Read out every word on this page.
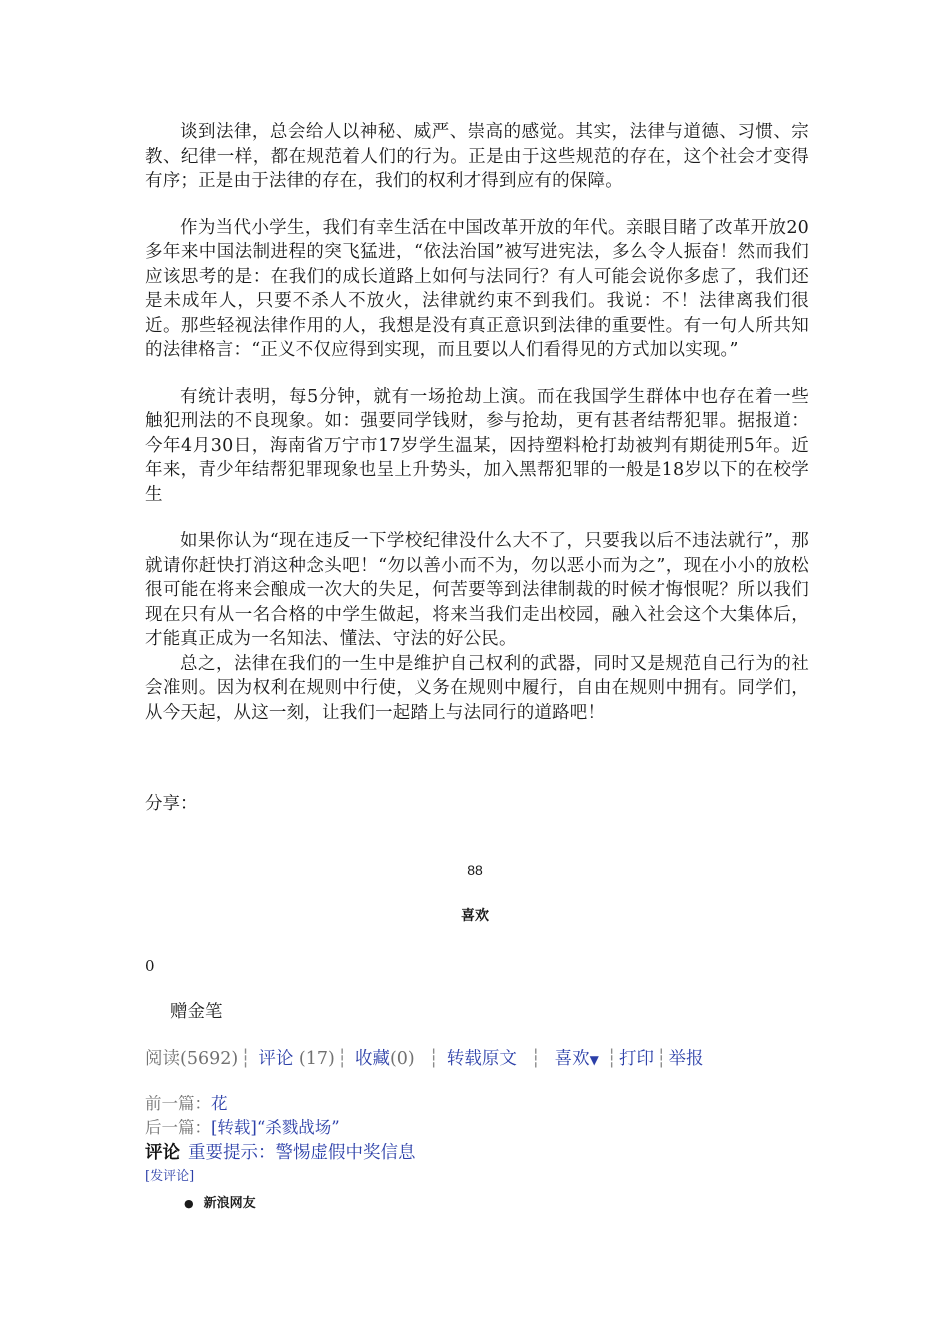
谈到法律，总会给人以神秘、威严、崇高的感觉。其实，法律与道德、习惯、宗教、纪律一样，都在规范着人们的行为。正是由于这些规范的存在，这个社会才变得有序；正是由于法律的存在，我们的权利才得到应有的保障。

作为当代小学生，我们有幸生活在中国改革开放的年代。亲眼目睹了改革开放20多年来中国法制进程的突飞猛进，“依法治国”被写进宪法，多么令人振奋！然而我们应该思考的是：在我们的成长道路上如何与法同行？有人可能会说你多虑了，我们还是未成年人，只要不杀人不放火，法律就约束不到我们。我说：不！法律离我们很近。那些轻视法律作用的人，我想是没有真正意识到法律的重要性。有一句人所共知的法律格言：“正义不仅应得到实现，而且要以人们看得见的方式加以实现。”

有统计表明，每5分钟，就有一场抢劫上演。而在我国学生群体中也存在着一些触犯刑法的不良现象。如：强要同学钱财，参与抢劫，更有甚者结帮犯罪。据报道：今年4月30日，海南省万宁市17岁学生温某，因持塑料枪打劫被判有期徒刑5年。近年来，青少年结帮犯罪现象也呈上升势头，加入黑帮犯罪的一般是18岁以下的在校学生

如果你认为“现在违反一下学校纪律没什么大不了，只要我以后不违法就行”，那就请你赶快打消这种念头吧！“勿以善小而不为，勿以恶小而为之”，现在小小的放松很可能在将来会酿成一次大的失足，何苦要等到法律制裁的时候才悔恨呢？所以我们现在只有从一名合格的中学生做起，将来当我们走出校园，融入社会这个大集体后，才能真正成为一名知法、懂法、守法的好公民。

总之，法律在我们的一生中是维护自己权利的武器，同时又是规范自己行为的社会准则。因为权利在规则中行使，义务在规则中履行，自由在规则中拥有。同学们，从今天起，从这一刻，让我们一起踏上与法同行的道路吧！

分享：
88
喜欢
0
赠金笔
阅读(5692) ┆ 评论 (17) ┆ 收藏(0) ┆ 转载原文 ┆ 喜欢▼ ┆ 打印 ┆ 举报
前一篇：花
后一篇：[转载]“杀戮战场”
评论 重要提示：警惕虚假中奖信息
[发评论]
● 新浪网友
